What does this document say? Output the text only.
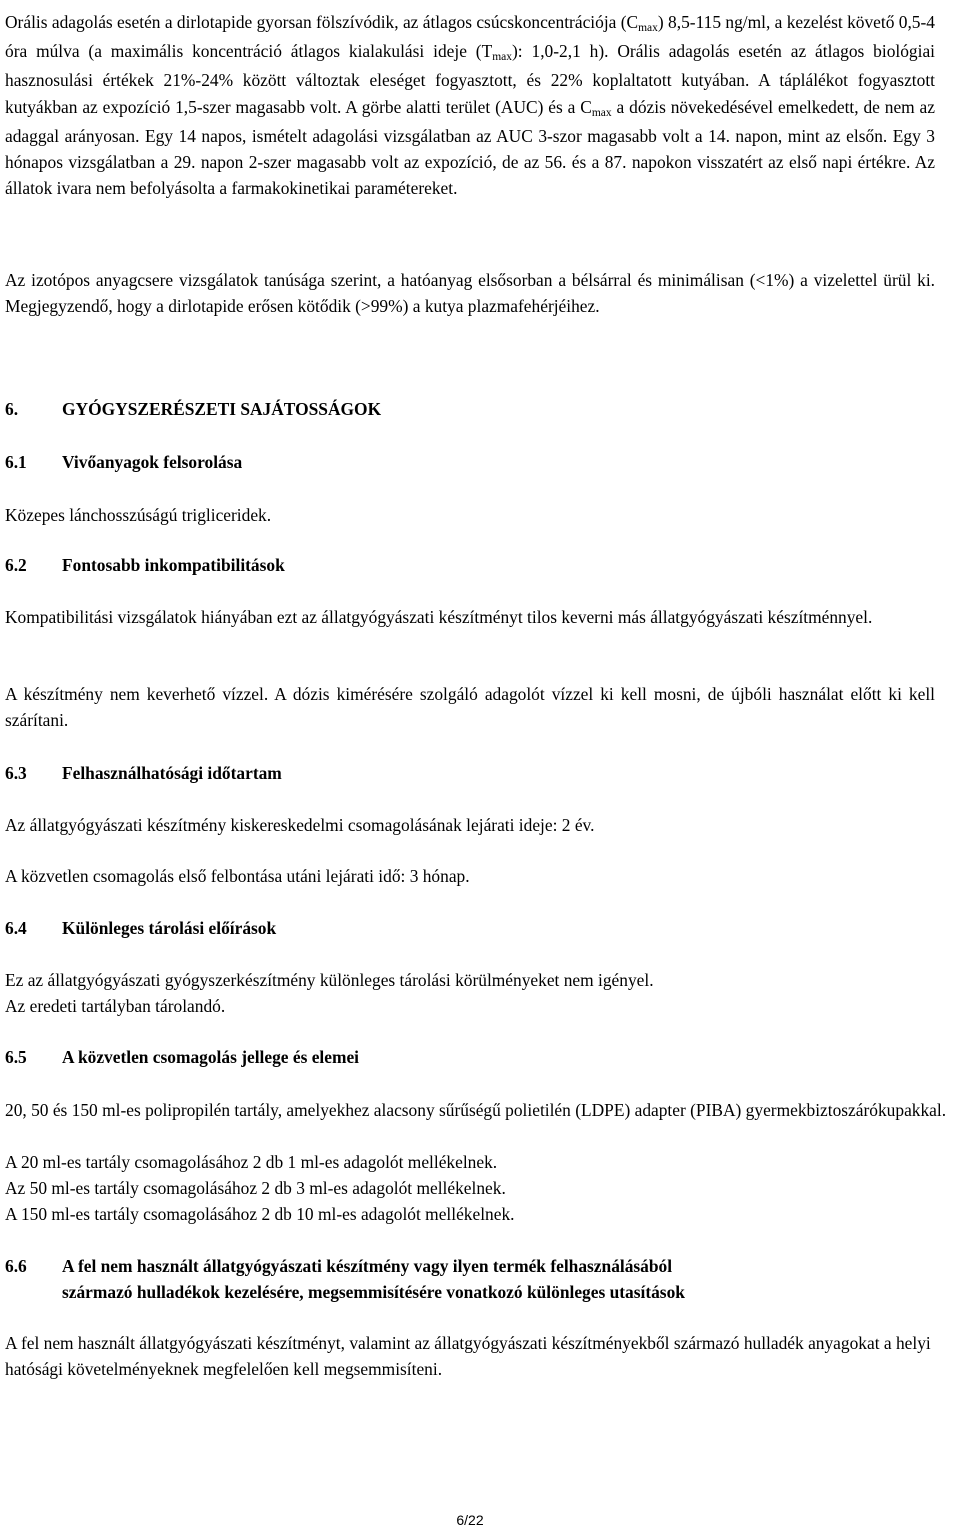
Orális adagolás esetén a dirlotapide gyorsan fölszívódik, az átlagos csúcskoncentrációja (Cmax) 8,5-115 ng/ml, a kezelést követő 0,5-4 óra múlva (a maximális koncentráció átlagos kialakulási ideje (Tmax): 1,0-2,1 h). Orális adagolás esetén az átlagos biológiai hasznosulási értékek 21%-24% között változtak eleséget fogyasztott, és 22% koplaltatott kutyában. A táplálékot fogyasztott kutyákban az expozíció 1,5-szer magasabb volt. A görbe alatti terület (AUC) és a Cmax a dózis növekedésével emelkedett, de nem az adaggal arányosan. Egy 14 napos, ismételt adagolási vizsgálatban az AUC 3-szor magasabb volt a 14. napon, mint az elsőn. Egy 3 hónapos vizsgálatban a 29. napon 2-szer magasabb volt az expozíció, de az 56. és a 87. napokon visszatért az első napi értékre. Az állatok ivara nem befolyásolta a farmakokinetikai paramétereket.

Az izotópos anyagcsere vizsgálatok tanúsága szerint, a hatóanyag elsősorban a bélsárral és minimálisan (<1%) a vizelettel ürül ki. Megjegyzendő, hogy a dirlotapide erősen kötődik (>99%) a kutya plazmafehérjéihez.

6.	GYÓGYSZERÉSZETI SAJÁTOSSÁGOK
6.1	Vivőanyagok felsorolása

Közepes lánchosszúságú trigliceridek.

6.2	Fontosabb inkompatibilitások

Kompatibilitási vizsgálatok hiányában ezt az állatgyógyászati készítményt tilos keverni más állatgyógyászati készítménnyel.

A készítmény nem keverhető vízzel. A dózis kimérésére szolgáló adagolót vízzel ki kell mosni, de újbóli használat előtt ki kell szárítani.

6.3	Felhasználhatósági időtartam

Az állatgyógyászati készítmény kiskereskedelmi csomagolásának lejárati ideje: 2 év.

A közvetlen csomagolás első felbontása utáni lejárati idő: 3 hónap.

6.4	Különleges tárolási előírások

Ez az állatgyógyászati gyógyszerkészítmény különleges tárolási körülményeket nem igényel.

Az eredeti tartályban tárolandó.

6.5	A közvetlen csomagolás jellege és elemei

20, 50 és 150 ml-es polipropilén tartály, amelyekhez alacsony sűrűségű polietilén (LDPE) adapter (PIBA) gyermekbiztoszárókupakkal.

A 20 ml-es tartály csomagolásához 2 db 1 ml-es adagolót mellékelnek.

Az 50 ml-es tartály csomagolásához 2 db 3 ml-es adagolót mellékelnek.

A 150 ml-es tartály csomagolásához 2 db 10 ml-es adagolót mellékelnek.

6.6	A fel nem használt állatgyógyászati készítmény vagy ilyen termék felhasználásából
származó hulladékok kezelésére, megsemmisítésére vonatkozó különleges utasítások

A fel nem használt állatgyógyászati készítményt, valamint az állatgyógyászati készítményekből származó hulladék anyagokat a helyi hatósági követelményeknek megfelelően kell megsemmisíteni.

6/22
